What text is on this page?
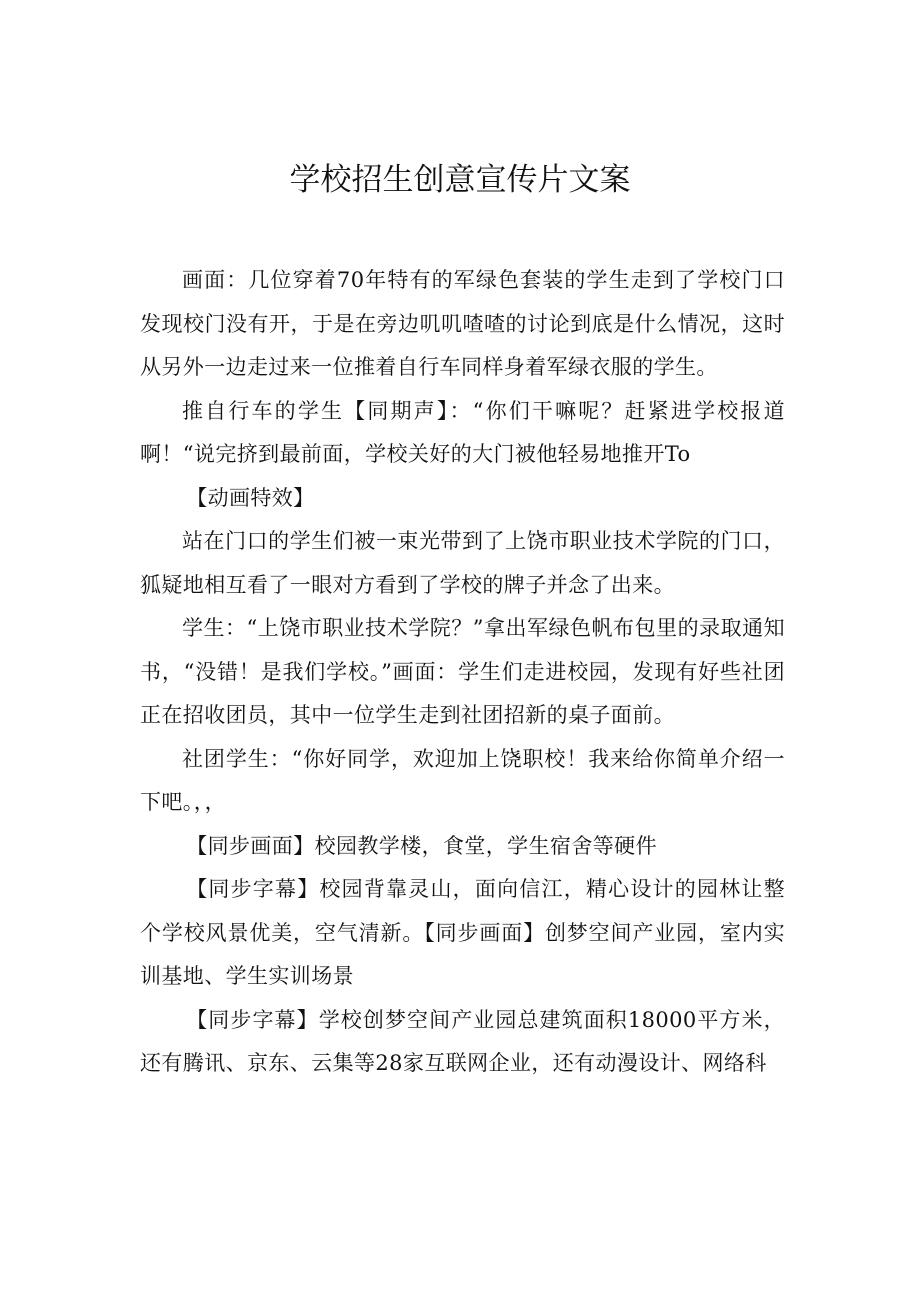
学校招生创意宣传片文案

画面：几位穿着70年特有的军绿色套装的学生走到了学校门口发现校门没有开，于是在旁边叽叽喳喳的讨论到底是什么情况，这时从另外一边走过来一位推着自行车同样身着军绿衣服的学生。

推自行车的学生【同期声】：“你们干嘛呢？赶紧进学校报道啊！“说完挤到最前面，学校关好的大门被他轻易地推开To

【动画特效】

站在门口的学生们被一束光带到了上饶市职业技术学院的门口，狐疑地相互看了一眼对方看到了学校的牌子并念了出来。

学生：“上饶市职业技术学院？”拿出军绿色帆布包里的录取通知书，“没错！是我们学校。”画面：学生们走进校园，发现有好些社团正在招收团员，其中一位学生走到社团招新的桌子面前。

社团学生：“你好同学，欢迎加上饶职校！我来给你简单介绍一下吧。，，

【同步画面】校园教学楼，食堂，学生宿舍等硬件

【同步字幕】校园背靠灵山，面向信江，精心设计的园林让整个学校风景优美，空气清新。【同步画面】创梦空间产业园，室内实训基地、学生实训场景

【同步字幕】学校创梦空间产业园总建筑面积18000平方米，还有腾讯、京东、云集等28家互联网企业，还有动漫设计、网络科
